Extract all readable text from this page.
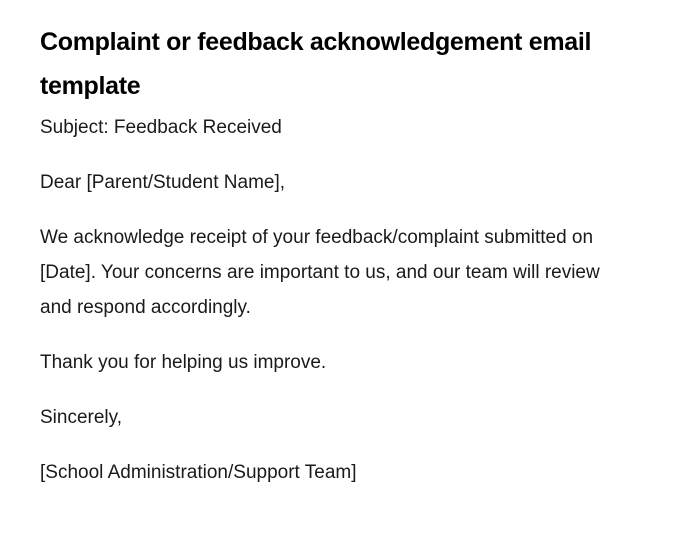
Complaint or feedback acknowledgement email template

Subject: Feedback Received

Dear [Parent/Student Name],

We acknowledge receipt of your feedback/complaint submitted on [Date]. Your concerns are important to us, and our team will review and respond accordingly.

Thank you for helping us improve.

Sincerely,

[School Administration/Support Team]
